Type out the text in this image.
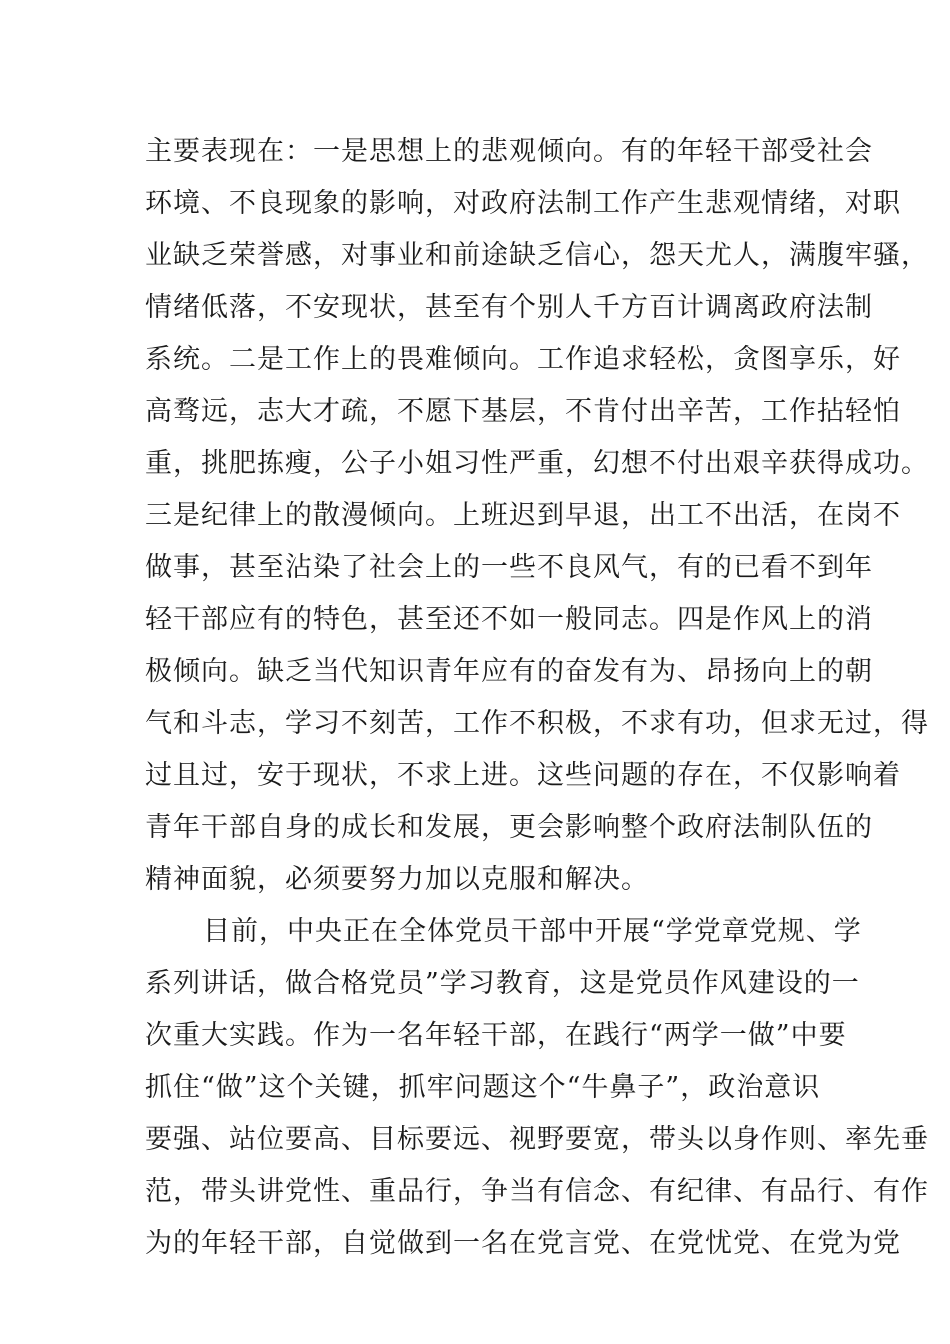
主要表现在：一是思想上的悲观倾向。有的年轻干部受社会
环境、不良现象的影响，对政府法制工作产生悲观情绪，对职
业缺乏荣誉感，对事业和前途缺乏信心，怨天尤人，满腹牢骚，
情绪低落，不安现状，甚至有个别人千方百计调离政府法制
系统。二是工作上的畏难倾向。工作追求轻松，贪图享乐，好
高骛远，志大才疏，不愿下基层，不肯付出辛苦，工作拈轻怕
重，挑肥拣瘦，公子小姐习性严重，幻想不付出艰辛获得成功。
三是纪律上的散漫倾向。上班迟到早退，出工不出活，在岗不
做事，甚至沾染了社会上的一些不良风气，有的已看不到年
轻干部应有的特色，甚至还不如一般同志。四是作风上的消
极倾向。缺乏当代知识青年应有的奋发有为、昂扬向上的朝
气和斗志，学习不刻苦，工作不积极，不求有功，但求无过，得
过且过，安于现状，不求上进。这些问题的存在，不仅影响着
青年干部自身的成长和发展，更会影响整个政府法制队伍的
精神面貌，必须要努力加以克服和解决。
目前，中央正在全体党员干部中开展“学党章党规、学
系列讲话，做合格党员”学习教育，这是党员作风建设的一
次重大实践。作为一名年轻干部，在践行“两学一做”中要
抓住“做”这个关键，抓牢问题这个“牛鼻子”，政治意识
要强、站位要高、目标要远、视野要宽，带头以身作则、率先垂
范，带头讲党性、重品行，争当有信念、有纪律、有品行、有作
为的年轻干部，自觉做到一名在党言党、在党忧党、在党为党
